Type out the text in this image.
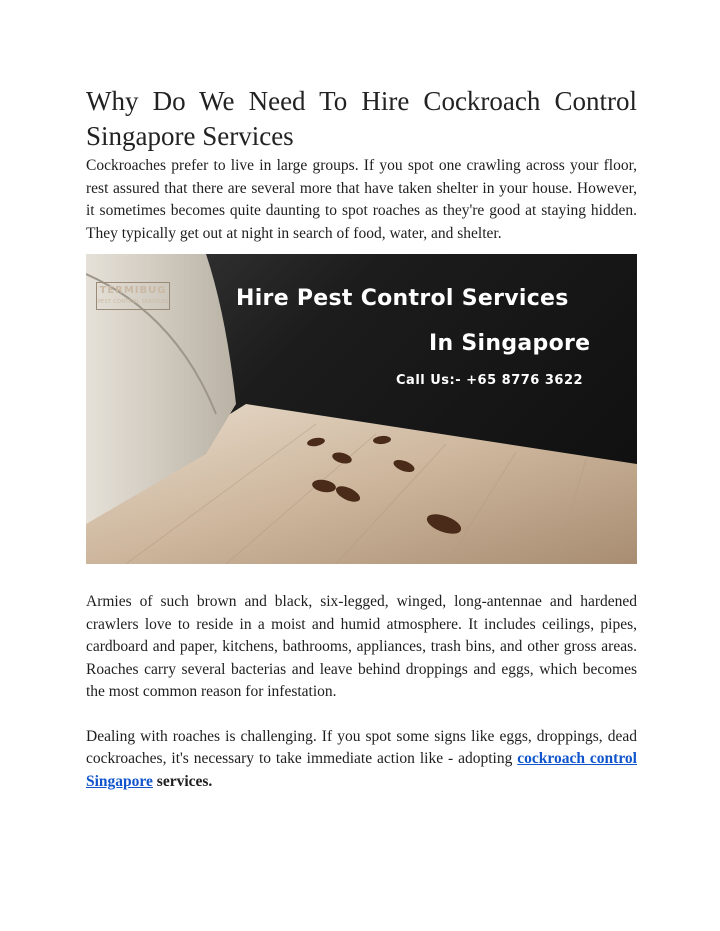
Why Do We Need To Hire Cockroach Control Singapore Services

Cockroaches prefer to live in large groups. If you spot one crawling across your floor, rest assured that there are several more that have taken shelter in your house. However, it sometimes becomes quite daunting to spot roaches as they're good at staying hidden. They typically get out at night in search of food, water, and shelter.

TERMIBUG
PEST CONTROL SERVICES	Hire Pest Control Services
In Singapore
Call Us:- +65 8776 3622

Armies of such brown and black, six-legged, winged, long-antennae and hardened crawlers love to reside in a moist and humid atmosphere. It includes ceilings, pipes, cardboard and paper, kitchens, bathrooms, appliances, trash bins, and other gross areas. Roaches carry several bacterias and leave behind droppings and eggs, which becomes the most common reason for infestation.

Dealing with roaches is challenging. If you spot some signs like eggs, droppings, dead cockroaches, it's necessary to take immediate action like - adopting cockroach control Singapore services.
